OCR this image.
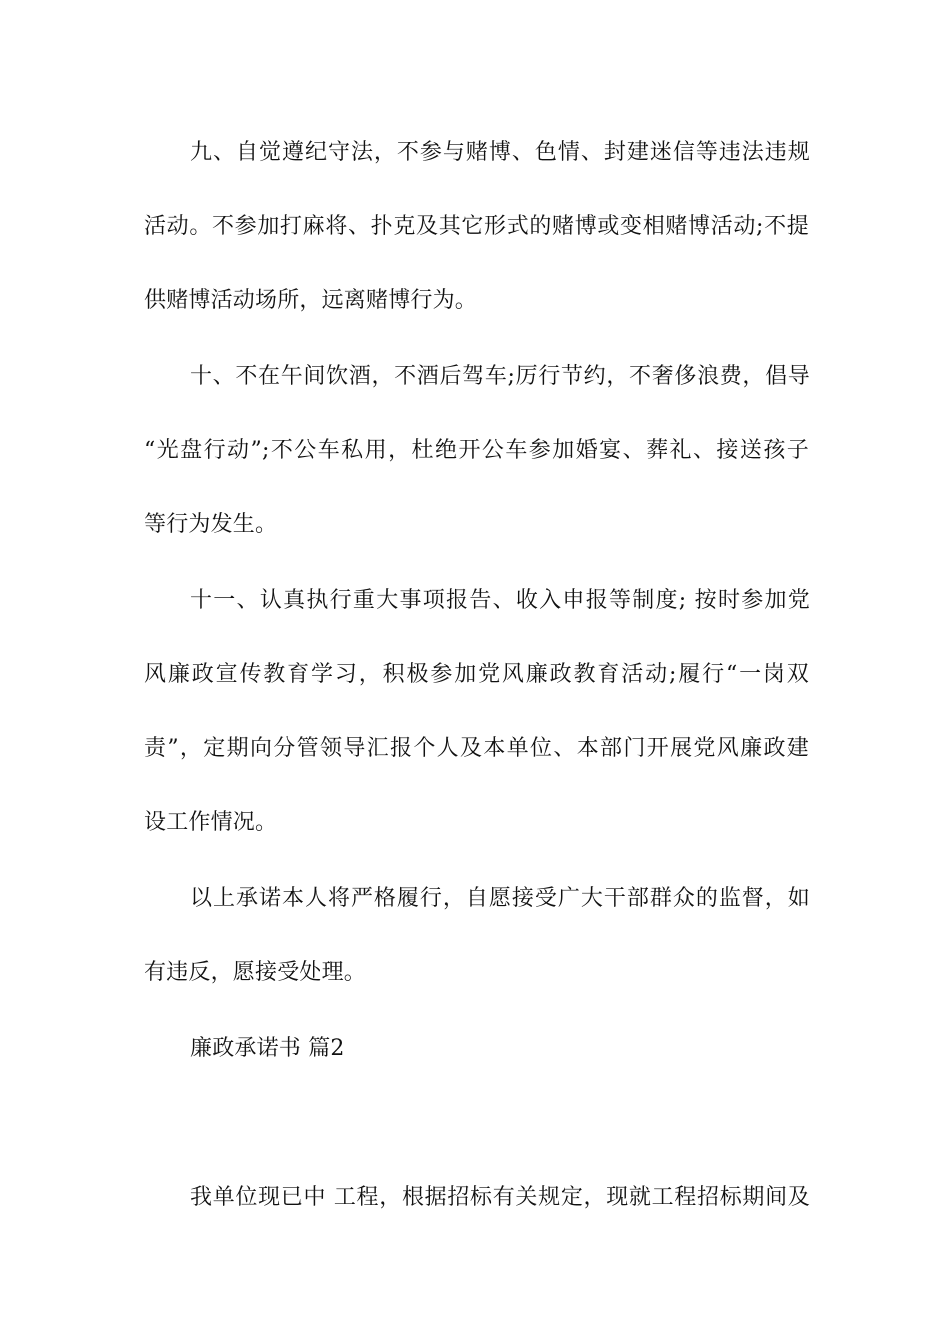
九、自觉遵纪守法，不参与赌博、色情、封建迷信等违法违规
活动。不参加打麻将、扑克及其它形式的赌博或变相赌博活动;不提
供赌博活动场所，远离赌博行为。
十、不在午间饮酒，不酒后驾车;厉行节约，不奢侈浪费，倡导
“光盘行动”;不公车私用，杜绝开公车参加婚宴、葬礼、接送孩子
等行为发生。
十一、认真执行重大事项报告、收入申报等制度; 按时参加党
风廉政宣传教育学习，积极参加党风廉政教育活动;履行“一岗双
责”，定期向分管领导汇报个人及本单位、本部门开展党风廉政建
设工作情况。
以上承诺本人将严格履行，自愿接受广大干部群众的监督，如
有违反，愿接受处理。
廉政承诺书 篇2
我单位现已中 工程，根据招标有关规定，现就工程招标期间及
